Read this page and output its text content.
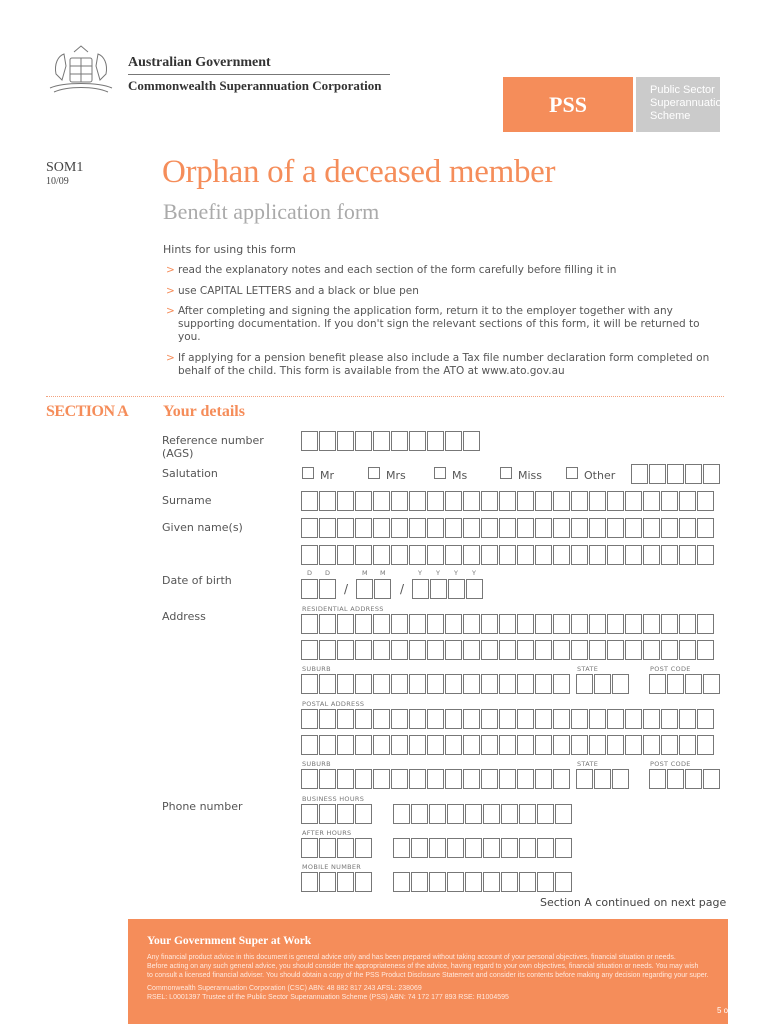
Australian Government
Commonwealth Superannuation Corporation
PSS
Public Sector
Superannuation
Scheme
SOM1
10/09	Orphan of a deceased member
Benefit application form
Hints for using this form
> read the explanatory notes and each section of the form carefully before filling it in
> use CAPITAL LETTERS and a black or blue pen
> After completing and signing the application form, return it to the employer together with any supporting documentation. If you don't sign the relevant sections of this form, it will be returned to you.
> If applying for a pension benefit please also include a Tax file number declaration form completed on behalf of the child. This form is available from the ATO at www.ato.gov.au
SECTION A Your details
Reference number
(AGS)
Salutation	Mr	Mrs	Ms	Miss	Other
Surname
Given name(s)
D D	M M	Y Y Y Y
Date of birth
/	/
Address
RESIDENTIAL ADDRESS
SUBURB	STATE	POST CODE
POSTAL ADDRESS
SUBURB	STATE	POST CODE
Phone number
BUSINESS HOURS
AFTER HOURS
MOBILE NUMBER
Section A continued on next page
Your Government Super at Work
Any financial product advice in this document is general advice only and has been prepared without taking account of your personal objectives, financial situation or needs.
Before acting on any such general advice, you should consider the appropriateness of the advice, having regard to your own objectives, financial situation or needs. You may wish
to consult a licensed financial adviser. You should obtain a copy of the PSS Product Disclosure Statement and consider its contents before making any decision regarding your super.
Commonwealth Superannuation Corporation (CSC) ABN: 48 882 817 243 AFSL: 238069
RSEL: L0001397 Trustee of the Public Sector Superannuation Scheme (PSS) ABN: 74 172 177 893 RSE: R1004595
5 of 13
